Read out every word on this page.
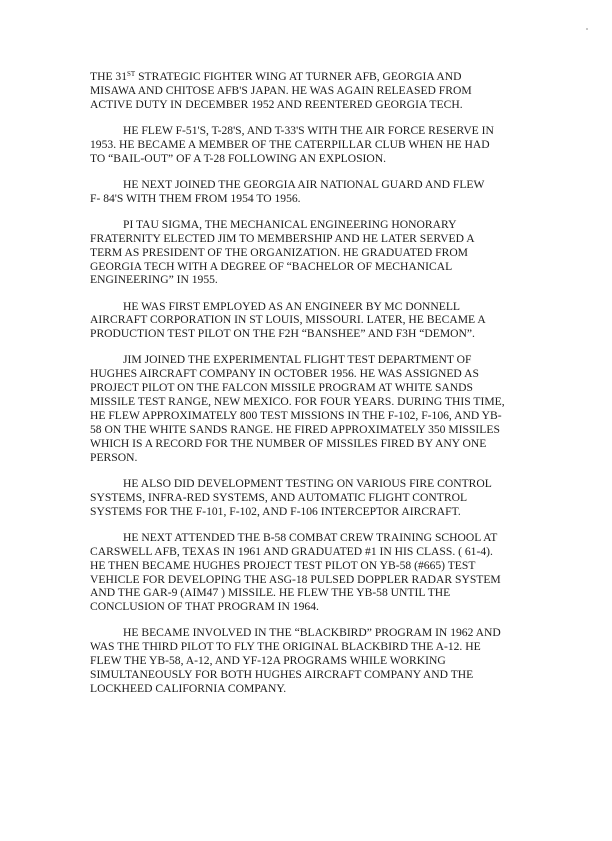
THE 31ST STRATEGIC FIGHTER WING AT TURNER AFB, GEORGIA AND
MISAWA AND CHITOSE AFB'S JAPAN. HE WAS AGAIN RELEASED FROM
ACTIVE DUTY IN DECEMBER 1952 AND REENTERED GEORGIA TECH.

HE FLEW F-51'S, T-28'S, AND T-33'S WITH THE AIR FORCE RESERVE IN
1953. HE BECAME A MEMBER OF THE CATERPILLAR CLUB WHEN HE HAD
TO “BAIL-OUT” OF A T-28 FOLLOWING AN EXPLOSION.

HE NEXT JOINED THE GEORGIA AIR NATIONAL GUARD AND FLEW
F- 84'S WITH THEM FROM 1954 TO 1956.

PI TAU SIGMA, THE MECHANICAL ENGINEERING HONORARY
FRATERNITY ELECTED JIM TO MEMBERSHIP AND HE LATER SERVED A
TERM AS PRESIDENT OF THE ORGANIZATION. HE GRADUATED FROM
GEORGIA TECH WITH A DEGREE OF “BACHELOR OF MECHANICAL
ENGINEERING” IN 1955.

HE WAS FIRST EMPLOYED AS AN ENGINEER BY MC DONNELL
AIRCRAFT CORPORATION IN ST LOUIS, MISSOURI. LATER, HE BECAME A
PRODUCTION TEST PILOT ON THE F2H “BANSHEE” AND F3H “DEMON”.

JIM JOINED THE EXPERIMENTAL FLIGHT TEST DEPARTMENT OF
HUGHES AIRCRAFT COMPANY IN OCTOBER 1956. HE WAS ASSIGNED AS
PROJECT PILOT ON THE FALCON MISSILE PROGRAM AT WHITE SANDS
MISSILE TEST RANGE, NEW MEXICO. FOR FOUR YEARS. DURING THIS TIME,
HE FLEW APPROXIMATELY 800 TEST MISSIONS IN THE F-102, F-106, AND YB-
58 ON THE WHITE SANDS RANGE. HE FIRED APPROXIMATELY 350 MISSILES
WHICH IS A RECORD FOR THE NUMBER OF MISSILES FIRED BY ANY ONE
PERSON.

HE ALSO DID DEVELOPMENT TESTING ON VARIOUS FIRE CONTROL
SYSTEMS, INFRA-RED SYSTEMS, AND AUTOMATIC FLIGHT CONTROL
SYSTEMS FOR THE F-101, F-102, AND F-106 INTERCEPTOR AIRCRAFT.

HE NEXT ATTENDED THE B-58 COMBAT CREW TRAINING SCHOOL AT
CARSWELL AFB, TEXAS IN 1961 AND GRADUATED #1 IN HIS CLASS. ( 61-4).
HE THEN BECAME HUGHES PROJECT TEST PILOT ON YB-58 (#665) TEST
VEHICLE FOR DEVELOPING THE ASG-18 PULSED DOPPLER RADAR SYSTEM
AND THE GAR-9 (AIM47 ) MISSILE. HE FLEW THE YB-58 UNTIL THE
CONCLUSION OF THAT PROGRAM IN 1964.

HE BECAME INVOLVED IN THE “BLACKBIRD” PROGRAM IN 1962 AND
WAS THE THIRD PILOT TO FLY THE ORIGINAL BLACKBIRD THE A-12. HE
FLEW THE YB-58, A-12, AND YF-12A PROGRAMS WHILE WORKING
SIMULTANEOUSLY FOR BOTH HUGHES AIRCRAFT COMPANY AND THE
LOCKHEED CALIFORNIA COMPANY.
